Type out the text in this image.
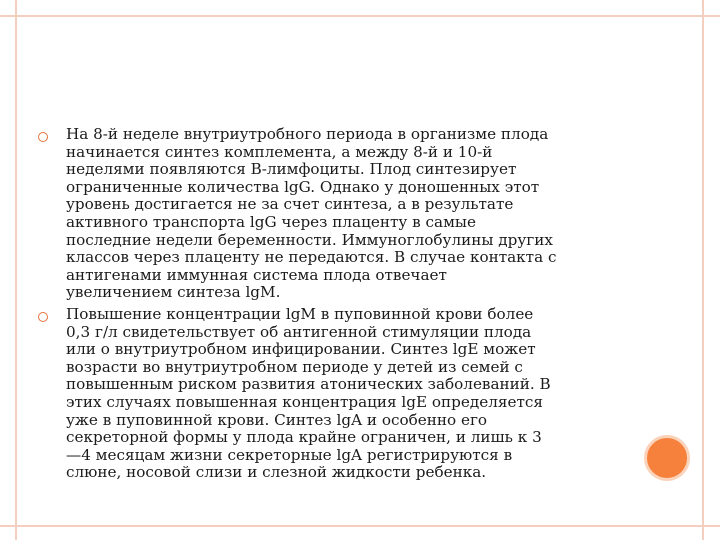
На 8-й неделе внутриутробного периода в организме плода
начинается синтез комплемента, а между 8-й и 10-й
неделями появляются В-лимфоциты. Плод синтезирует
ограниченные количества lgG. Однако у доношенных этот
уровень достигается не за счет синтеза, а в результате
активного транспорта lgG через плаценту в самые
последние недели беременности. Иммуноглобулины других
классов через плаценту не передаются. В случае контакта с
антигенами иммунная система плода отвечает
увеличением синтеза lgM.
Повышение концентрации lgM в пуповинной крови более
0,3 г/л свидетельствует об антигенной стимуляции плода
или о внутриутробном инфицировании. Синтез lgE может
возрасти во внутриутробном периоде у детей из семей с
повышенным риском развития атонических заболеваний. В
этих случаях повышенная концентрация lgE определяется
уже в пуповинной крови. Синтез lgA и особенно его
секреторной формы у плода крайне ограничен, и лишь к 3
—4 месяцам жизни секреторные lgA регистрируются в
слюне, носовой слизи и слезной жидкости ребенка.
